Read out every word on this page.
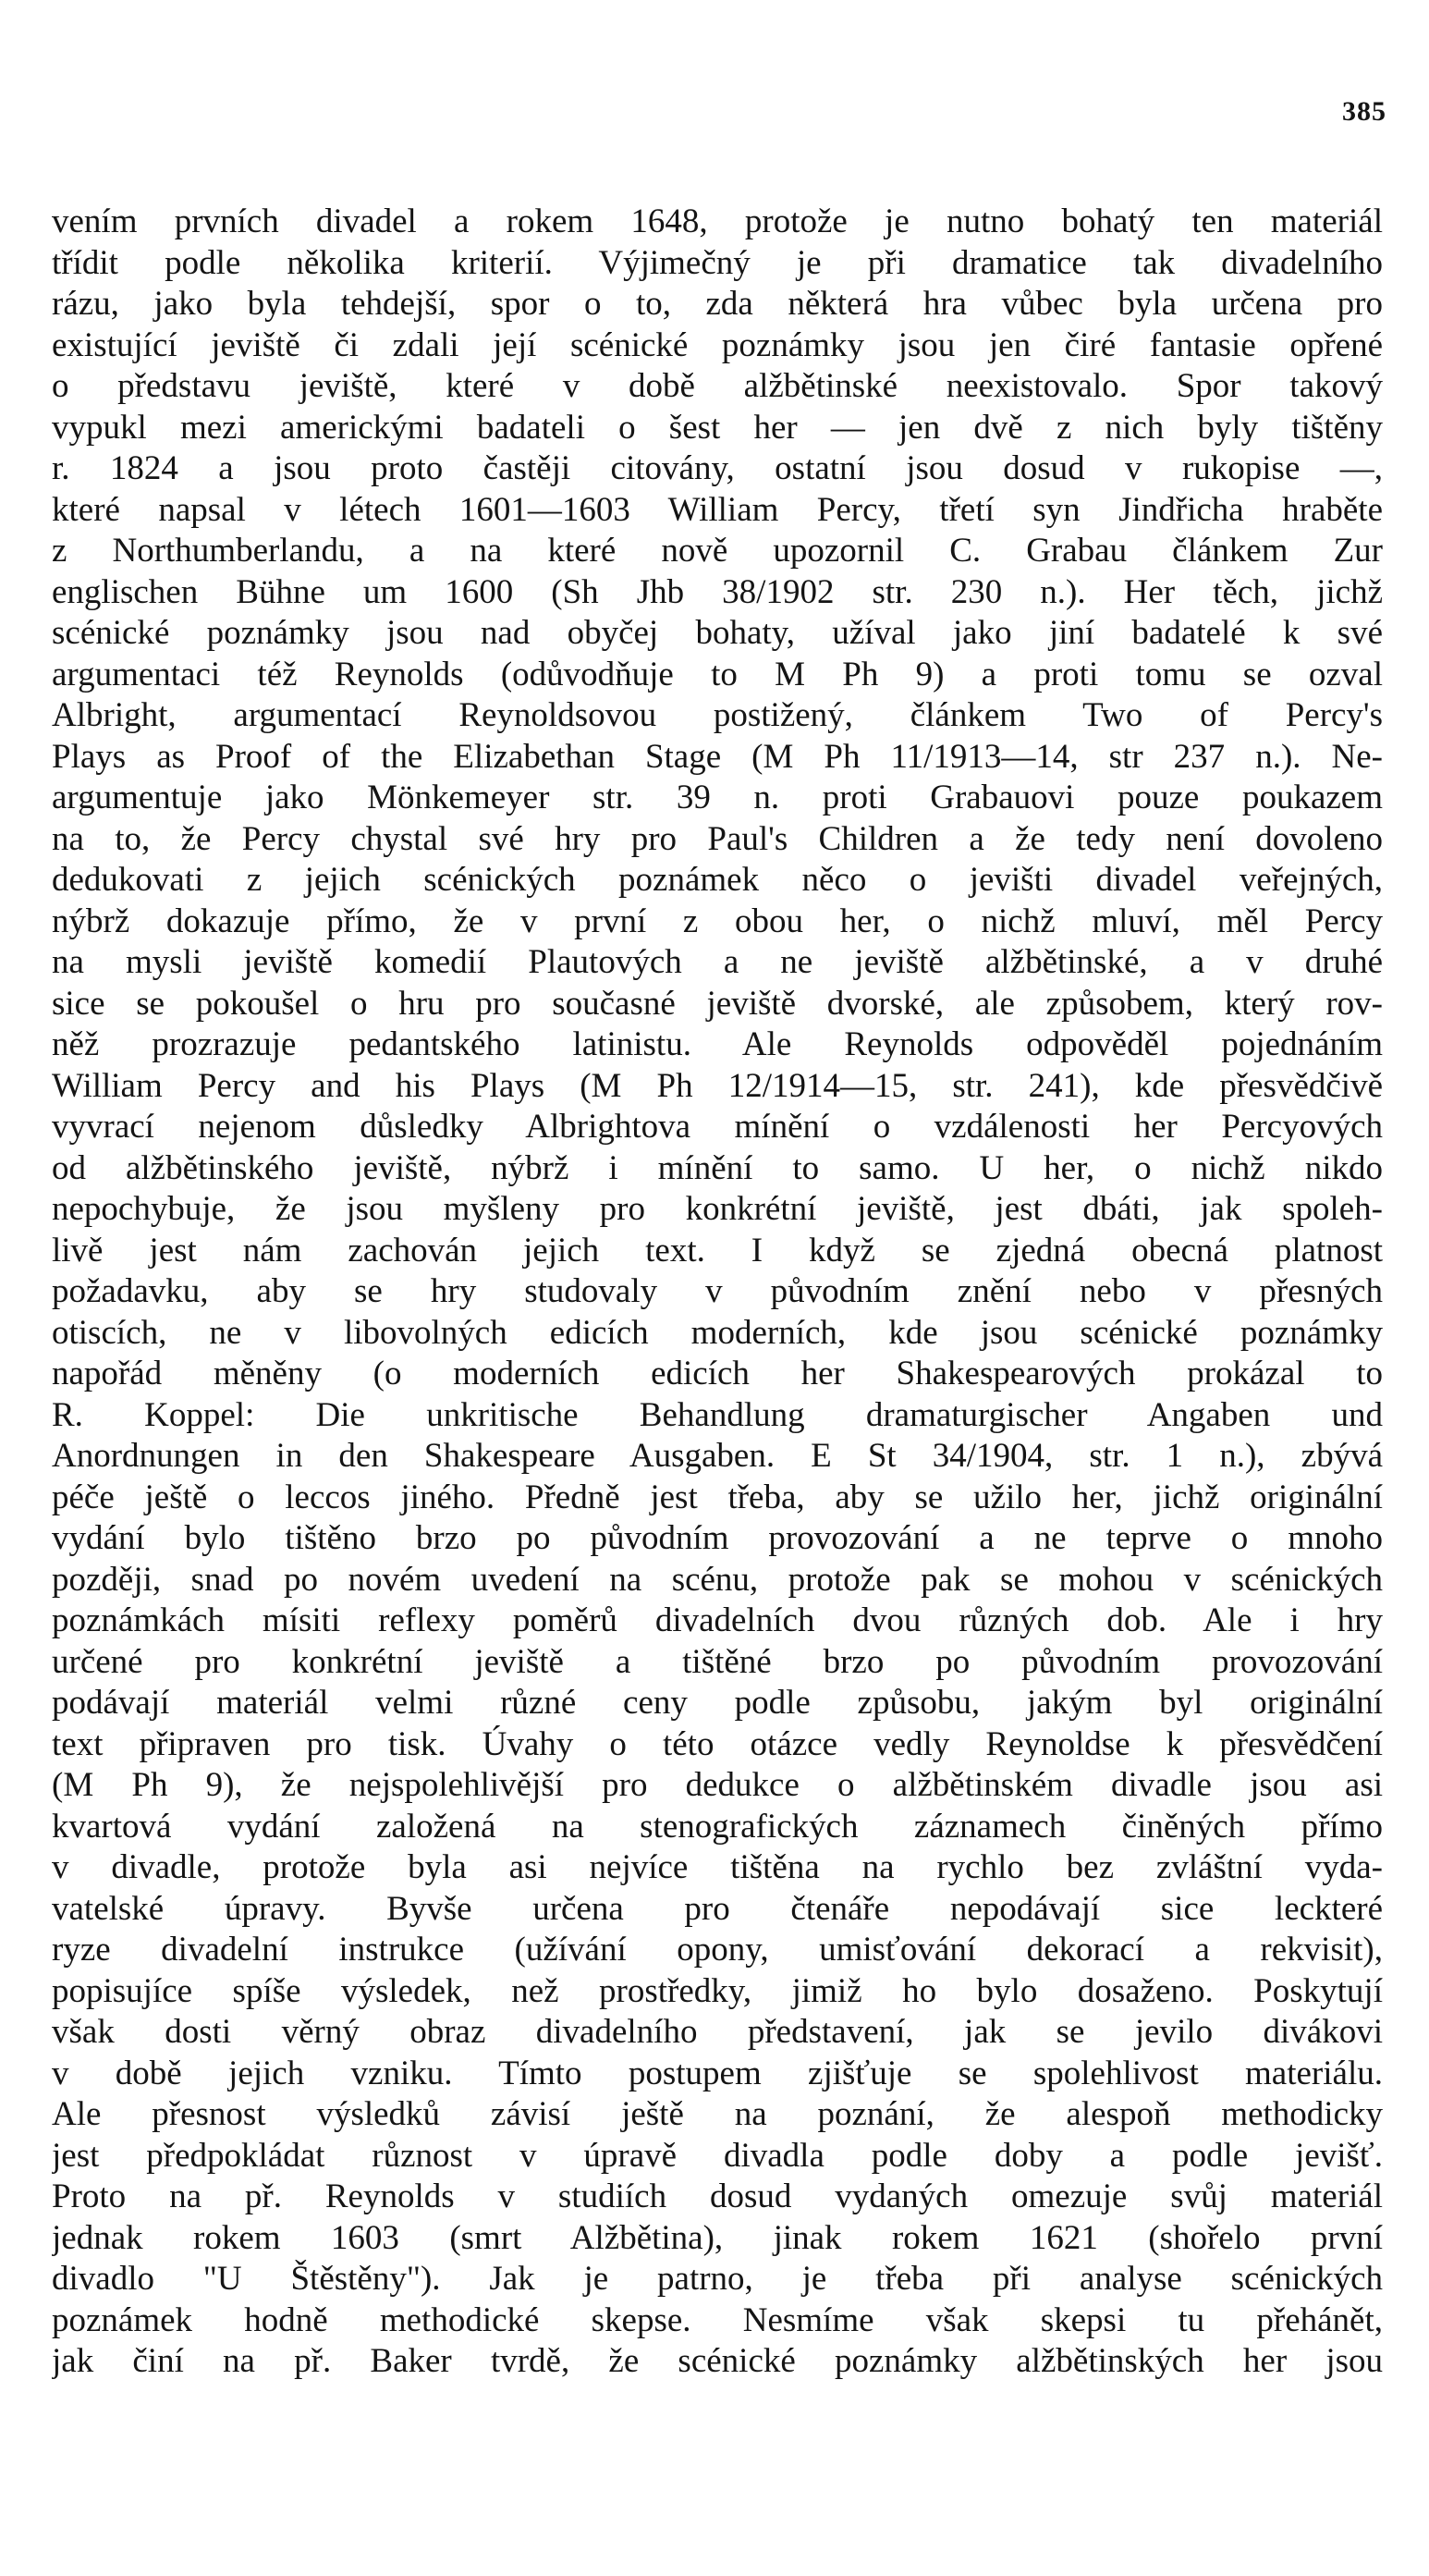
385
vením prvních divadel a rokem 1648, protože je nutno bohatý ten materiál
třídit podle několika kriterií. Výjimečný je při dramatice tak divadelního
rázu, jako byla tehdejší, spor o to, zda některá hra vůbec byla určena pro
existující jeviště či zdali její scénické poznámky jsou jen čiré fantasie opřené
o představu jeviště, které v době alžbětinské neexistovalo. Spor takový
vypukl mezi americkými badateli o šest her — jen dvě z nich byly tištěny
r. 1824 a jsou proto častěji citovány, ostatní jsou dosud v rukopise —,
které napsal v létech 1601—1603 William Percy, třetí syn Jindřicha hraběte
z Northumberlandu, a na které nově upozornil C. Grabau článkem Zur
englischen Bühne um 1600 (Sh Jhb 38/1902 str. 230 n.). Her těch, jichž
scénické poznámky jsou nad obyčej bohaty, užíval jako jiní badatelé k své
argumentaci též Reynolds (odůvodňuje to M Ph 9) a proti tomu se ozval
Albright, argumentací Reynoldsovou postižený, článkem Two of Percy's
Plays as Proof of the Elizabethan Stage (M Ph 11/1913—14, str 237 n.). Ne-
argumentuje jako Mönkemeyer str. 39 n. proti Grabauovi pouze poukazem
na to, že Percy chystal své hry pro Paul's Children a že tedy není dovoleno
dedukovati z jejich scénických poznámek něco o jevišti divadel veřejných,
nýbrž dokazuje přímo, že v první z obou her, o nichž mluví, měl Percy
na mysli jeviště komedií Plautových a ne jeviště alžbětinské, a v druhé
sice se pokoušel o hru pro současné jeviště dvorské, ale způsobem, který rov-
něž prozrazuje pedantského latinistu. Ale Reynolds odpověděl pojednáním
William Percy and his Plays (M Ph 12/1914—15, str. 241), kde přesvědčivě
vyvrací nejenom důsledky Albrightova mínění o vzdálenosti her Percyových
od alžbětinského jeviště, nýbrž i mínění to samo. U her, o nichž nikdo
nepochybuje, že jsou myšleny pro konkrétní jeviště, jest dbáti, jak spoleh-
livě jest nám zachován jejich text. I když se zjedná obecná platnost
požadavku, aby se hry studovaly v původním znění nebo v přesných
otiscích, ne v libovolných edicích moderních, kde jsou scénické poznámky
napořád měněny (o moderních edicích her Shakespearových prokázal to
R. Koppel: Die unkritische Behandlung dramaturgischer Angaben und
Anordnungen in den Shakespeare Ausgaben. E St 34/1904, str. 1 n.), zbývá
péče ještě o leccos jiného. Předně jest třeba, aby se užilo her, jichž originální
vydání bylo tištěno brzo po původním provozování a ne teprve o mnoho
později, snad po novém uvedení na scénu, protože pak se mohou v scénických
poznámkách mísiti reflexy poměrů divadelních dvou různých dob. Ale i hry
určené pro konkrétní jeviště a tištěné brzo po původním provozování
podávají materiál velmi různé ceny podle způsobu, jakým byl originální
text připraven pro tisk. Úvahy o této otázce vedly Reynoldse k přesvědčení
(M Ph 9), že nejspolehlivější pro dedukce o alžbětinském divadle jsou asi
kvartová vydání založená na stenografických záznamech činěných přímo
v divadle, protože byla asi nejvíce tištěna na rychlo bez zvláštní vyda-
vatelské úpravy. Byvše určena pro čtenáře nepodávají sice leckteré
ryze divadelní instrukce (užívání opony, umisťování dekorací a rekvisit),
popisujíce spíše výsledek, než prostředky, jimiž ho bylo dosaženo. Poskytují
však dosti věrný obraz divadelního představení, jak se jevilo divákovi
v době jejich vzniku. Tímto postupem zjišťuje se spolehlivost materiálu.
Ale přesnost výsledků závisí ještě na poznání, že alespoň methodicky
jest předpokládat různost v úpravě divadla podle doby a podle jevišť.
Proto na př. Reynolds v studiích dosud vydaných omezuje svůj materiál
jednak rokem 1603 (smrt Alžbětina), jinak rokem 1621 (shořelo první
divadlo "U Štěstěny"). Jak je patrno, je třeba při analyse scénických
poznámek hodně methodické skepse. Nesmíme však skepsi tu přehánět,
jak činí na př. Baker tvrdě, že scénické poznámky alžbětinských her jsou
